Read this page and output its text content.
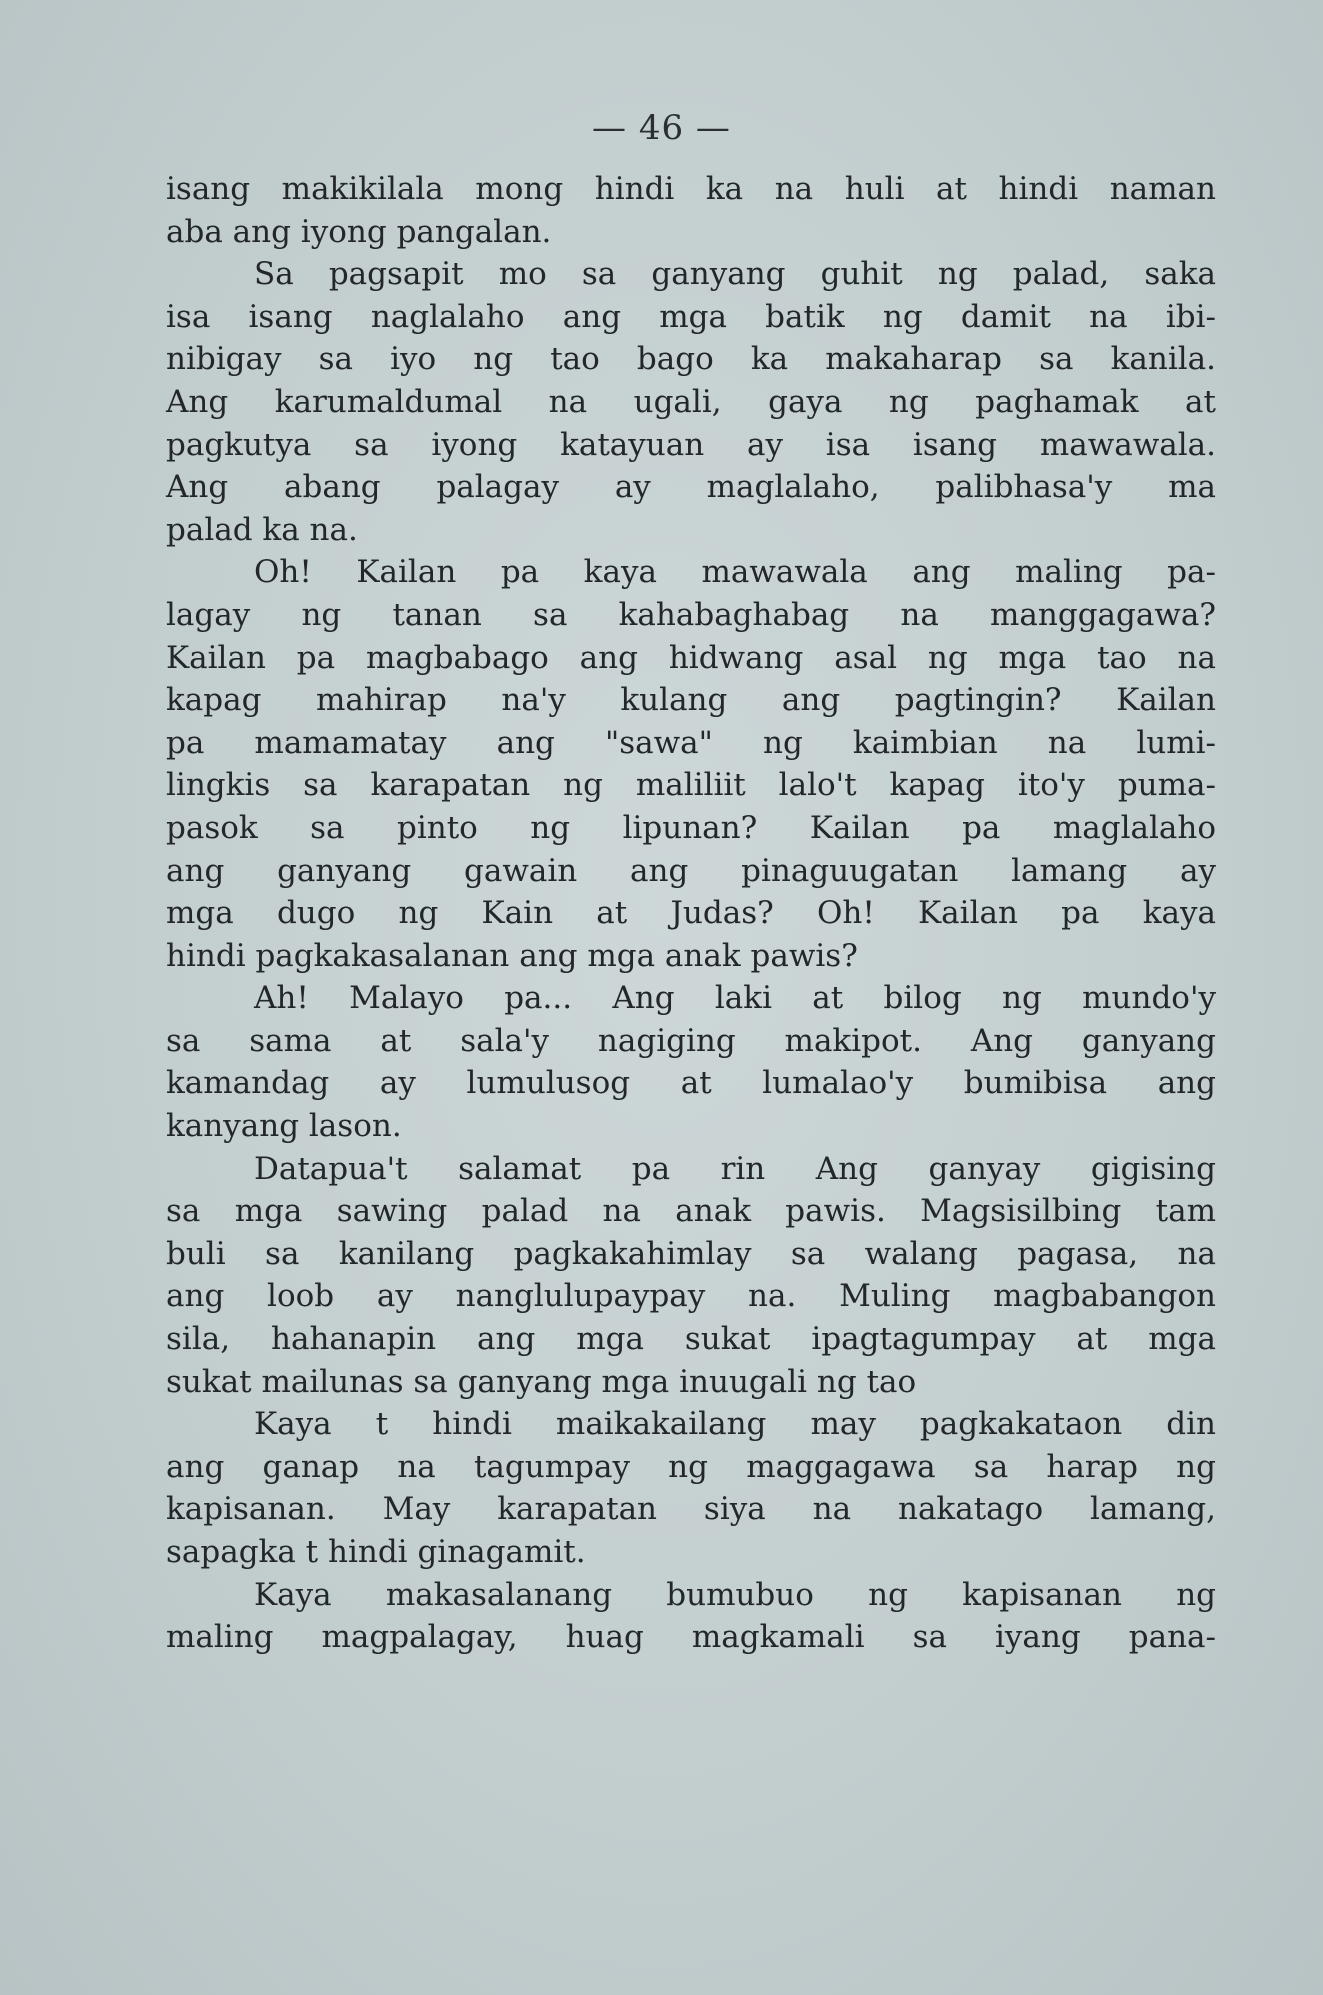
— 46 —
isang makikilala mong hindi ka na huli at hindi naman
aba ang iyong pangalan.
Sa pagsapit mo sa ganyang guhit ng palad, saka
isa isang naglalaho ang mga batik ng damit na ibi-
nibigay sa iyo ng tao bago ka makaharap sa kanila.
Ang karumaldumal na ugali, gaya ng paghamak at
pagkutya sa iyong katayuan ay isa isang mawawala.
Ang abang palagay ay maglalaho, palibhasa'y ma
palad ka na.
Oh! Kailan pa kaya mawawala ang maling pa-
lagay ng tanan sa kahabaghabag na manggagawa?
Kailan pa magbabago ang hidwang asal ng mga tao na
kapag mahirap na'y kulang ang pagtingin? Kailan
pa mamamatay ang "sawa" ng kaimbian na lumi-
lingkis sa karapatan ng maliliit lalo't kapag ito'y puma-
pasok sa pinto ng lipunan? Kailan pa maglalaho
ang ganyang gawain ang pinaguugatan lamang ay
mga dugo ng Kain at Judas? Oh! Kailan pa kaya
hindi pagkakasalanan ang mga anak pawis?
Ah! Malayo pa... Ang laki at bilog ng mundo'y
sa sama at sala'y nagiging makipot. Ang ganyang
kamandag ay lumulusog at lumalao'y bumibisa ang
kanyang lason.
Datapua't salamat pa rin Ang ganyay gigising
sa mga sawing palad na anak pawis. Magsisilbing tam
buli sa kanilang pagkakahimlay sa walang pagasa, na
ang loob ay nanglulupaypay na. Muling magbabangon
sila, hahanapin ang mga sukat ipagtagumpay at mga
sukat mailunas sa ganyang mga inuugali ng tao
Kaya t hindi maikakailang may pagkakataon din
ang ganap na tagumpay ng maggagawa sa harap ng
kapisanan. May karapatan siya na nakatago lamang,
sapagka t hindi ginagamit.
Kaya makasalanang bumubuo ng kapisanan ng
maling magpalagay, huag magkamali sa iyang pana-
